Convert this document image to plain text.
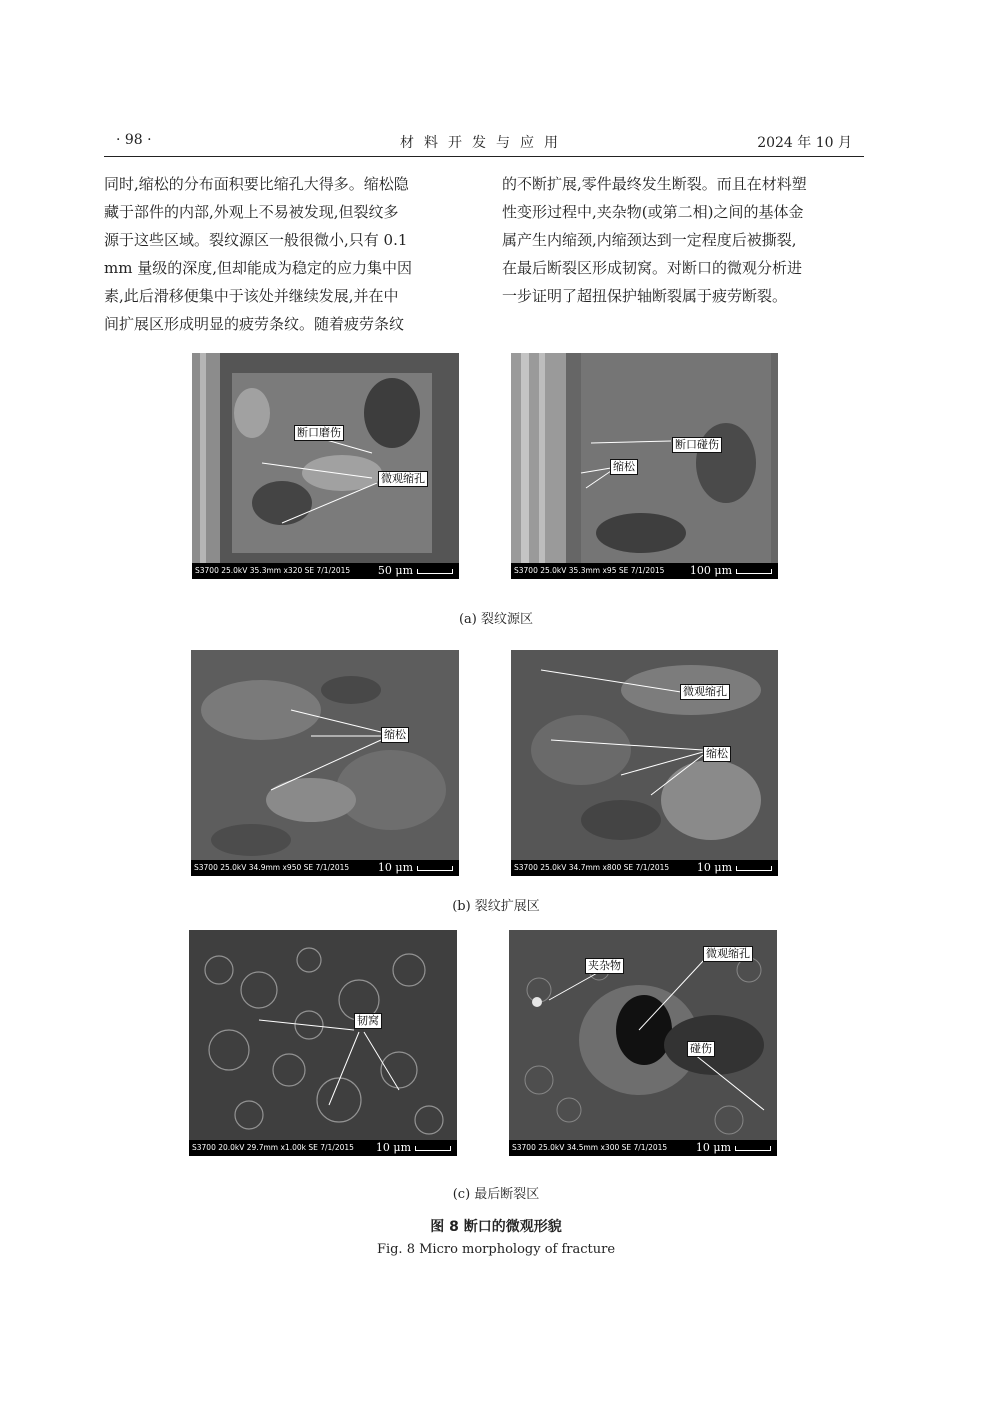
· 98 ·	材料开发与应用	2024 年 10 月

同时,缩松的分布面积要比缩孔大得多。缩松隐

藏于部件的内部,外观上不易被发现,但裂纹多

源于这些区域。裂纹源区一般很微小,只有 0.1

mm 量级的深度,但却能成为稳定的应力集中因

素,此后滑移便集中于该处并继续发展,并在中

间扩展区形成明显的疲劳条纹。随着疲劳条纹

的不断扩展,零件最终发生断裂。而且在材料塑

性变形过程中,夹杂物(或第二相)之间的基体金

属产生内缩颈,内缩颈达到一定程度后被撕裂,

在最后断裂区形成韧窝。对断口的微观分析进

一步证明了超扭保护轴断裂属于疲劳断裂。

断口磨伤
微观缩孔
S3700 25.0kV 35.3mm x320 SE 7/1/2015	50 μm
断口碰伤
缩松
S3700 25.0kV 35.3mm x95 SE 7/1/2015 100 μm
(a) 裂纹源区
缩松
S3700 25.0kV 34.9mm x950 SE 7/1/2015	10 μm
微观缩孔
缩松
S3700 25.0kV 34.7mm x800 SE 7/1/2015	10 μm
(b) 裂纹扩展区
韧窝
S3700 20.0kV 29.7mm x1.00k SE 7/1/2015 10 μm
夹杂物
微观缩孔
碰伤
S3700 25.0kV 34.5mm x300 SE 7/1/2015	10 μm
(c) 最后断裂区
图 8 断口的微观形貌
Fig. 8 Micro morphology of fracture
